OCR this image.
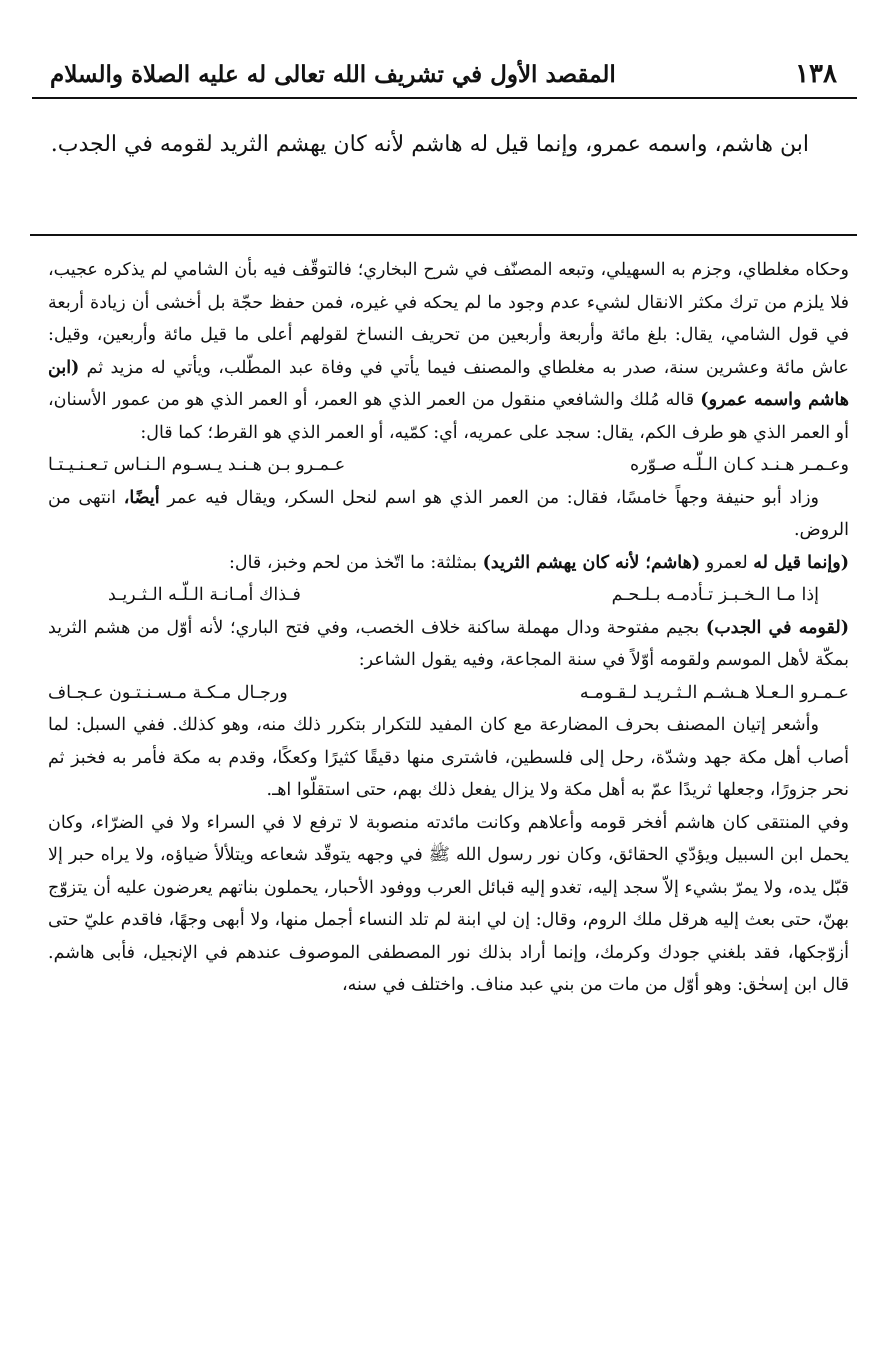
١٣٨
المقصد الأول في تشريف الله تعالى له عليه الصلاة والسلام

ابن هاشم، واسمه عمرو، وإنما قيل له هاشم لأنه كان يهشم الثريد لقومه في الجدب.

وحكاه مغلطاي، وجزم به السهيلي، وتبعه المصنّف في شرح البخاري؛ فالتوقّف فيه بأن الشامي لم يذكره عجيب، فلا يلزم من ترك مكثر الانقال لشيء عدم وجود ما لم يحكه في غيره، فمن حفظ حجّة بل أخشى أن زيادة أربعة في قول الشامي، يقال: بلغ مائة وأربعة وأربعين من تحريف النساخ لقولهم أعلى ما قيل مائة وأربعين، وقيل: عاش مائة وعشرين سنة، صدر به مغلطاي والمصنف فيما يأتي في وفاة عبد المطّلب، ويأتي له مزيد ثم (ابن هاشم واسمه عمرو) قاله مُلك والشافعي منقول من العمر الذي هو العمر، أو العمر الذي هو من عمور الأسنان، أو العمر الذي هو طرف الكم، يقال: سجد على عمريه، أي: كمّيه، أو العمر الذي هو القرط؛ كما قال:

وعـمـر هـنـد كـان الـلّـه صـوّره
عـمـرو بـن هـنـد يـسـوم الـنـاس تـعـنـيـتـا

وزاد أبو حنيفة وجهاً خامسًا، فقال: من العمر الذي هو اسم لنحل السكر، ويقال فيه عمر أيضًا، انتهى من الروض.

(وإنما قيل له لعمرو (هاشم؛ لأنه كان يهشم الثريد) بمثلثة: ما اتّخذ من لحم وخبز، قال:

إذا مـا الـخـبـز تـأدمـه بـلـحـم
فـذاك أمـانـة الـلّـه الـثـريـد

(لقومه في الجدب) بجيم مفتوحة ودال مهملة ساكنة خلاف الخصب، وفي فتح الباري؛ لأنه أوّل من هشم الثريد بمكّة لأهل الموسم ولقومه أوّلاً في سنة المجاعة، وفيه يقول الشاعر:

عـمـرو الـعـلا هـشـم الـثـريـد لـقـومـه
ورجـال مـكـة مـسـنـتـون عـجـاف

وأشعر إتيان المصنف بحرف المضارعة مع كان المفيد للتكرار بتكرر ذلك منه، وهو كذلك. ففي السبل: لما أصاب أهل مكة جهد وشدّة، رحل إلى فلسطين، فاشترى منها دقيقًا كثيرًا وكعكًا، وقدم به مكة فأمر به فخبز ثم نحر جزورًا، وجعلها ثريدًا عمّ به أهل مكة ولا يزال يفعل ذلك بهم، حتى استقلّوا اهـ.

وفي المنتقى كان هاشم أفخر قومه وأعلاهم وكانت مائدته منصوبة لا ترفع لا في السراء ولا في الضرّاء، وكان يحمل ابن السبيل ويؤدّي الحقائق، وكان نور رسول الله ﷺ في وجهه يتوقّد شعاعه ويتلألأ ضياؤه، ولا يراه حبر إلا قبّل يده، ولا يمرّ بشيء إلاّ سجد إليه، تغدو إليه قبائل العرب ووفود الأحبار، يحملون بناتهم يعرضون عليه أن يتزوّج بهنّ، حتى بعث إليه هرقل ملك الروم، وقال: إن لي ابنة لم تلد النساء أجمل منها، ولا أبهى وجهًا، فاقدم عليّ حتى أزوّجكها، فقد بلغني جودك وكرمك، وإنما أراد بذلك نور المصطفى الموصوف عندهم في الإنجيل، فأبى هاشم. قال ابن إسحٰق: وهو أوّل من مات من بني عبد مناف. واختلف في سنه،
